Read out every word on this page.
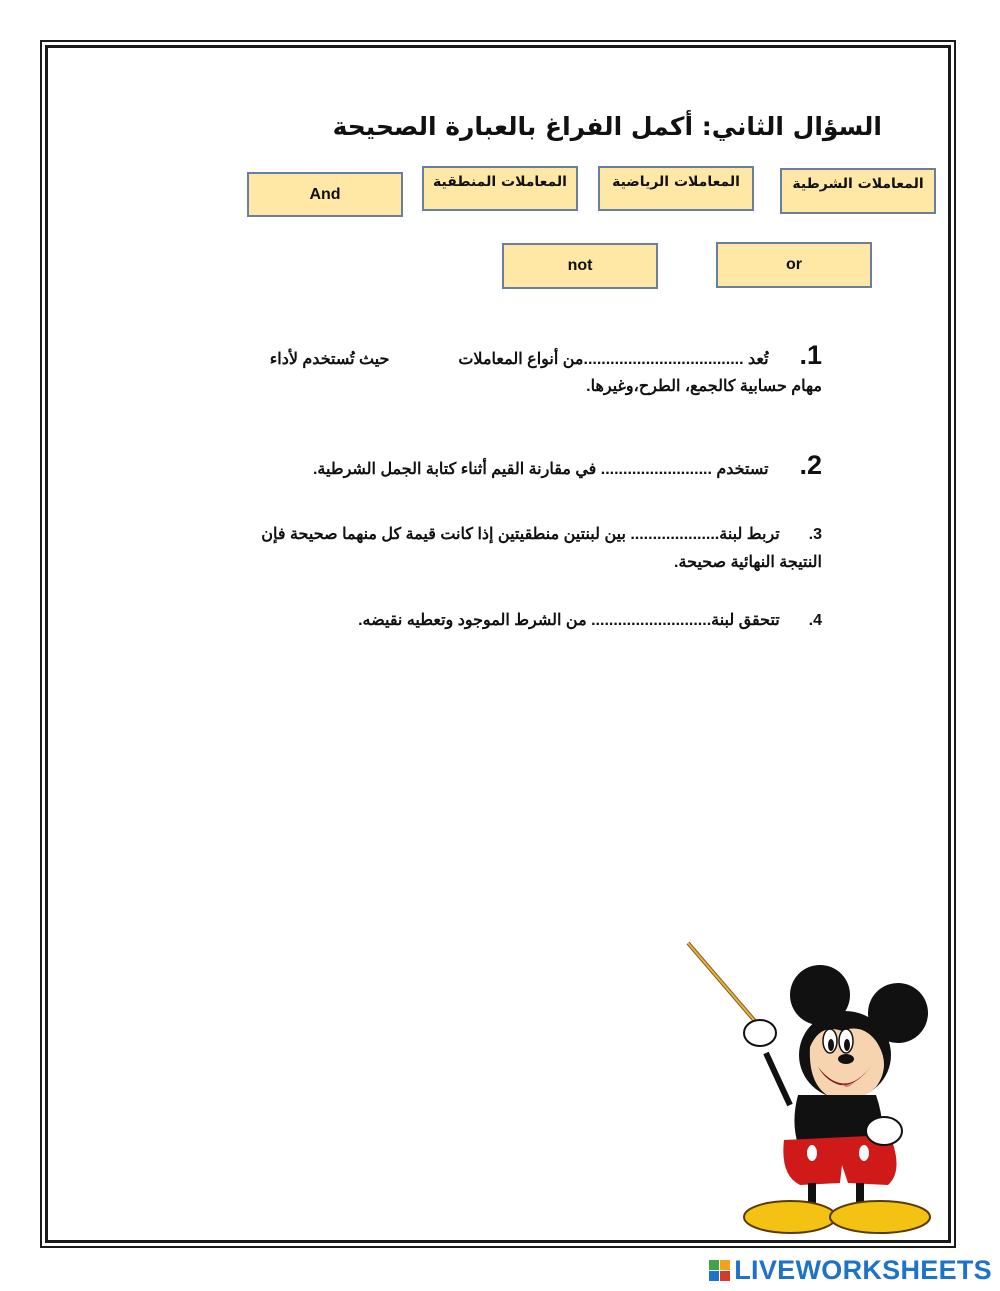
السؤال الثاني: أكمل الفراغ بالعبارة الصحيحة
المعاملات الشرطية
المعاملات الرياضية
المعاملات المنطقية
And
or
not
1.  تُعد ....................................من أنواع المعاملات  حيث تُستخدم لأداء
مهام حسابية كالجمع، الطرح،وغيرها.
2.  تستخدم ......................... في مقارنة القيم أثناء كتابة الجمل الشرطية.
3.  تربط لبنة.................... بين لبنتين منطقيتين إذا كانت قيمة كل منهما صحيحة فإن
النتيجة النهائية صحيحة.
4.  تتحقق لبنة........................... من الشرط الموجود وتعطيه نقيضه.
LIVEWORKSHEETS
